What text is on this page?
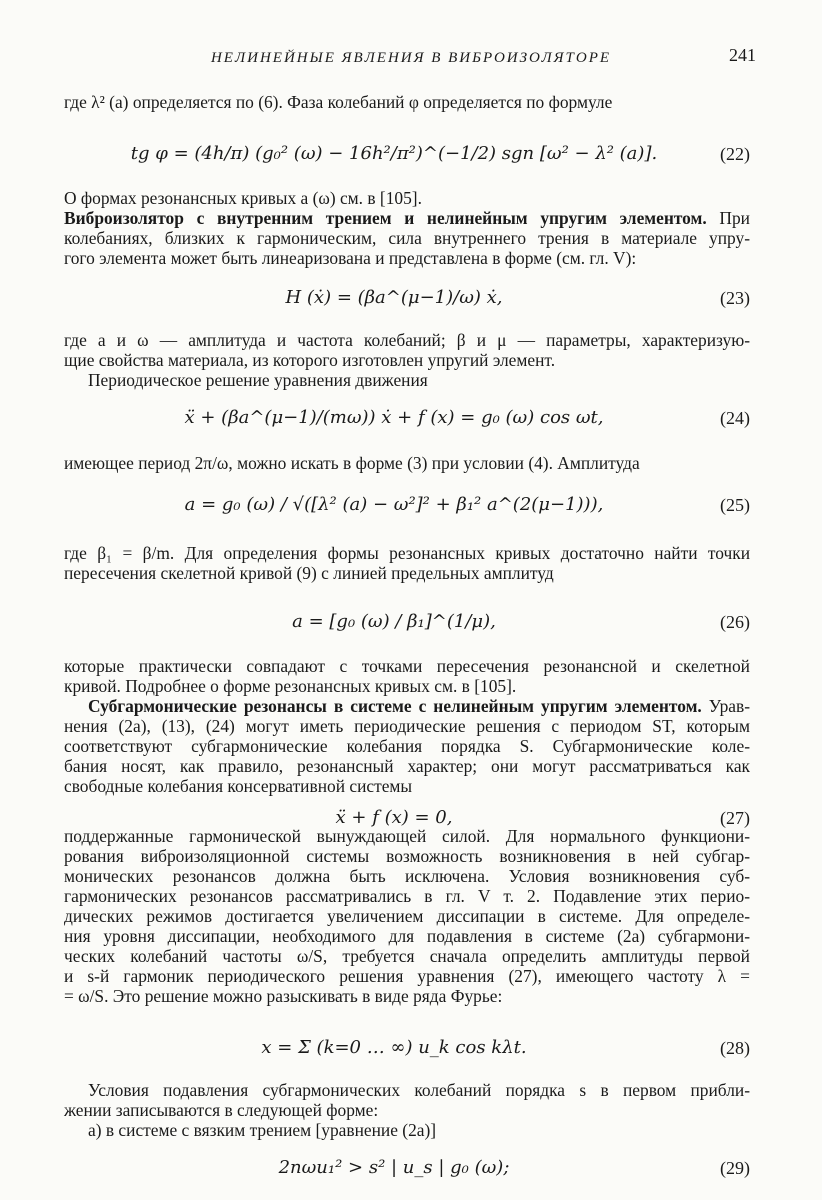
НЕЛИНЕЙНЫЕ ЯВЛЕНИЯ В ВИБРОИЗОЛЯТОРЕ	241
где λ² (a) определяется по (6). Фаза колебаний φ определяется по формуле
tg φ = (4h/π) (g₀² (ω) − 16h²/π²)^(−1/2) sgn [ω² − λ² (a)].	(22)
О формах резонансных кривых a (ω) см. в [105].
Виброизолятор с внутренним трением и нелинейным упругим элементом. При
колебаниях, близких к гармоническим, сила внутреннего трения в материале упру-
гого элемента может быть линеаризована и представлена в форме (см. гл. V):
H (ẋ) = (βa^(μ−1)/ω) ẋ,	(23)
где a и ω — амплитуда и частота колебаний; β и μ — параметры, характеризую-
щие свойства материала, из которого изготовлен упругий элемент.
Периодическое решение уравнения движения
ẍ + (βa^(μ−1)/(mω)) ẋ + f (x) = g₀ (ω) cos ωt,	(24)
имеющее период 2π/ω, можно искать в форме (3) при условии (4). Амплитуда
a = g₀ (ω) / √([λ² (a) − ω²]² + β₁² a^(2(μ−1))),	(25)
где β₁ = β/m. Для определения формы резонансных кривых достаточно найти точки
пересечения скелетной кривой (9) с линией предельных амплитуд
a = [g₀ (ω) / β₁]^(1/μ),	(26)
которые практически совпадают с точками пересечения резонансной и скелетной
кривой. Подробнее о форме резонансных кривых см. в [105].
Субгармонические резонансы в системе с нелинейным упругим элементом. Урав-
нения (2a), (13), (24) могут иметь периодические решения с периодом ST, которым
соответствуют субгармонические колебания порядка S. Субгармонические коле-
бания носят, как правило, резонансный характер; они могут рассматриваться как
свободные колебания консервативной системы
ẍ + f (x) = 0,	(27)
поддержанные гармонической вынуждающей силой. Для нормального функциони-
рования виброизоляционной системы возможность возникновения в ней субгар-
монических резонансов должна быть исключена. Условия возникновения суб-
гармонических резонансов рассматривались в гл. V т. 2. Подавление этих перио-
дических режимов достигается увеличением диссипации в системе. Для определе-
ния уровня диссипации, необходимого для подавления в системе (2a) субгармони-
ческих колебаний частоты ω/S, требуется сначала определить амплитуды первой
и s-й гармоник периодического решения уравнения (27), имеющего частоту λ =
= ω/S. Это решение можно разыскивать в виде ряда Фурье:
x = Σ (k=0 … ∞) u_k cos kλt.	(28)
Условия подавления субгармонических колебаний порядка s в первом прибли-
жении записываются в следующей форме:
а) в системе с вязким трением [уравнение (2a)]
2nωu₁² > s² | u_s | g₀ (ω);	(29)
